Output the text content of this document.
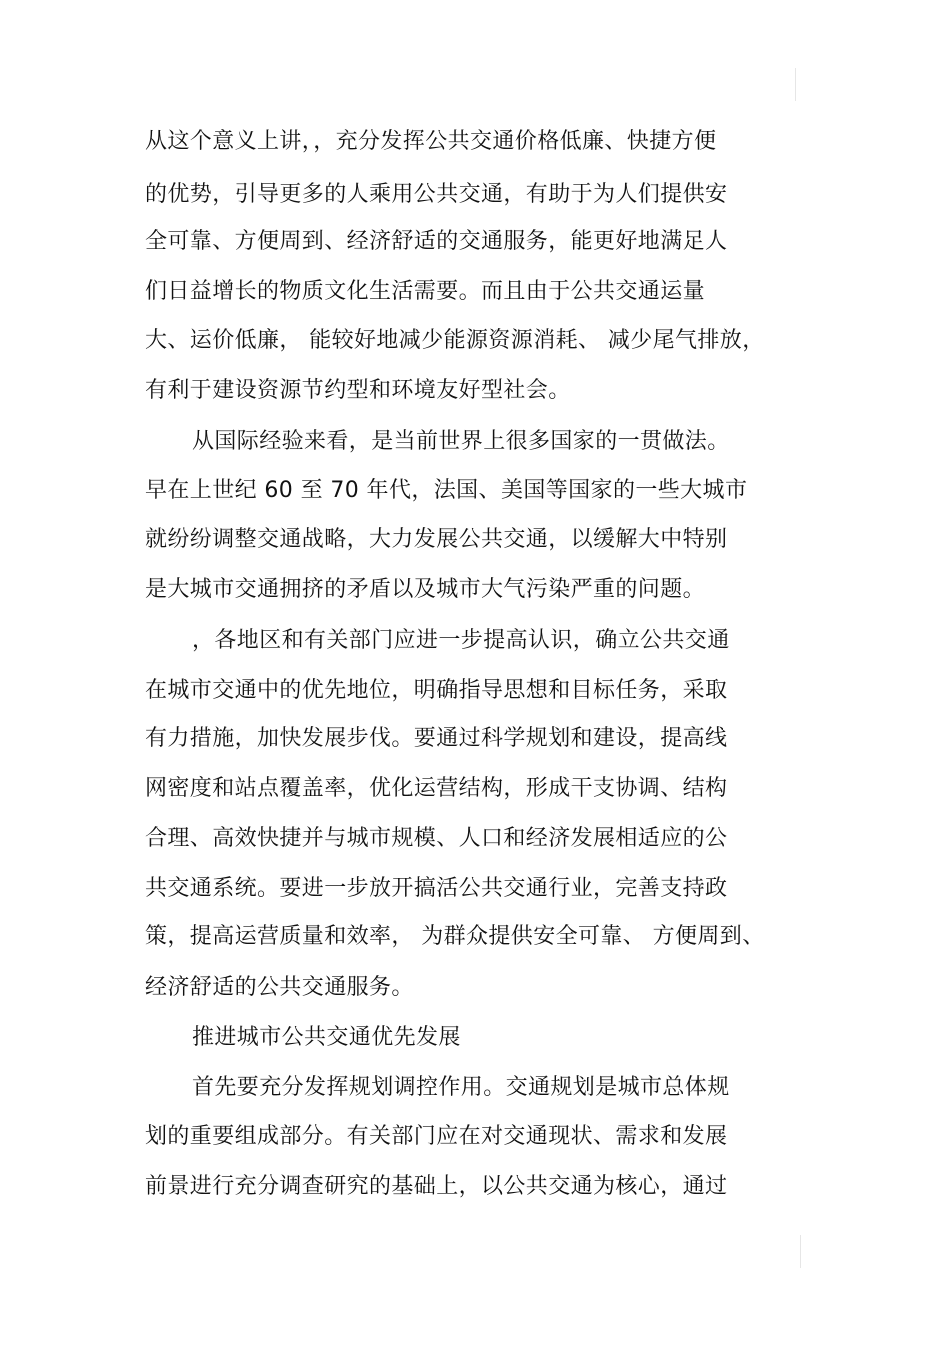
从这个意义上讲，，充分发挥公共交通价格低廉、快捷方便
的优势，引导更多的人乘用公共交通，有助于为人们提供安
全可靠、方便周到、经济舒适的交通服务，能更好地满足人
们日益增长的物质文化生活需要。而且由于公共交通运量
大、运价低廉， 能较好地减少能源资源消耗、 减少尾气排放，
有利于建设资源节约型和环境友好型社会。
从国际经验来看，是当前世界上很多国家的一贯做法。
早在上世纪 60 至 70 年代，法国、美国等国家的一些大城市
就纷纷调整交通战略，大力发展公共交通，以缓解大中特别
是大城市交通拥挤的矛盾以及城市大气污染严重的问题。
，各地区和有关部门应进一步提高认识，确立公共交通
在城市交通中的优先地位，明确指导思想和目标任务，采取
有力措施，加快发展步伐。要通过科学规划和建设，提高线
网密度和站点覆盖率，优化运营结构，形成干支协调、结构
合理、高效快捷并与城市规模、人口和经济发展相适应的公
共交通系统。要进一步放开搞活公共交通行业，完善支持政
策，提高运营质量和效率， 为群众提供安全可靠、 方便周到、
经济舒适的公共交通服务。
推进城市公共交通优先发展
首先要充分发挥规划调控作用。交通规划是城市总体规
划的重要组成部分。有关部门应在对交通现状、需求和发展
前景进行充分调查研究的基础上，以公共交通为核心，通过
